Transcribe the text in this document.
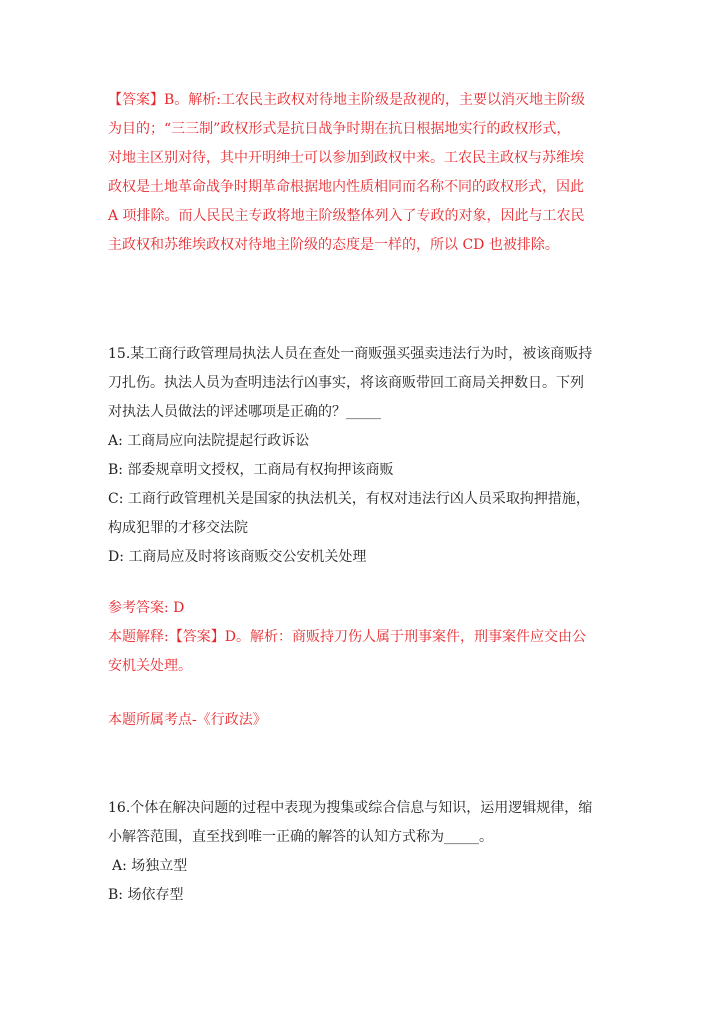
【答案】B。解析:工农民主政权对待地主阶级是敌视的，主要以消灭地主阶级
为目的；“三三制”政权形式是抗日战争时期在抗日根据地实行的政权形式，
对地主区别对待，其中开明绅士可以参加到政权中来。工农民主政权与苏维埃
政权是土地革命战争时期革命根据地内性质相同而名称不同的政权形式，因此
A 项排除。而人民民主专政将地主阶级整体列入了专政的对象，因此与工农民
主政权和苏维埃政权对待地主阶级的态度是一样的，所以 CD 也被排除。
15.某工商行政管理局执法人员在查处一商贩强买强卖违法行为时，被该商贩持
刀扎伤。执法人员为查明违法行凶事实，将该商贩带回工商局关押数日。下列
对执法人员做法的评述哪项是正确的？_____
A: 工商局应向法院提起行政诉讼
B: 部委规章明文授权，工商局有权拘押该商贩
C: 工商行政管理机关是国家的执法机关，有权对违法行凶人员采取拘押措施，
构成犯罪的才移交法院
D: 工商局应及时将该商贩交公安机关处理
参考答案: D
本题解释:【答案】D。解析：商贩持刀伤人属于刑事案件，刑事案件应交由公
安机关处理。
本题所属考点-《行政法》
16.个体在解决问题的过程中表现为搜集或综合信息与知识，运用逻辑规律，缩
小解答范围，直至找到唯一正确的解答的认知方式称为_____。
A: 场独立型
B: 场依存型
